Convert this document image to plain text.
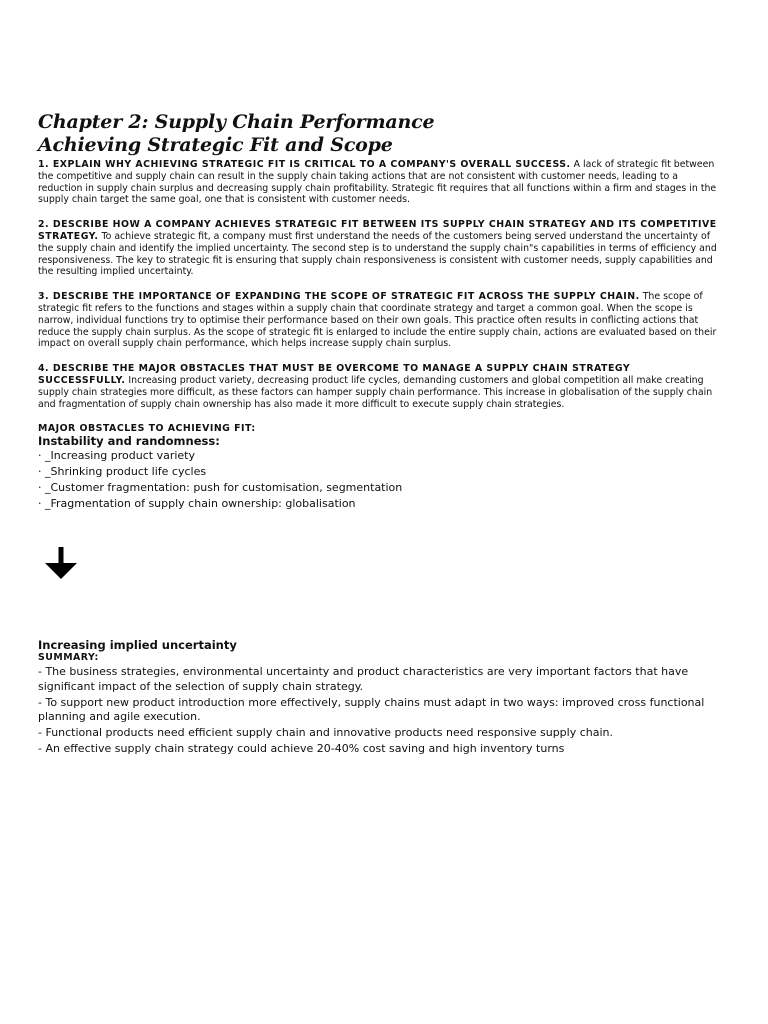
Chapter 2: Supply Chain Performance
Achieving Strategic Fit and Scope

1. EXPLAIN WHY ACHIEVING STRATEGIC FIT IS CRITICAL TO A COMPANY'S OVERALL SUCCESS. A lack of strategic fit between the competitive and supply chain can result in the supply chain taking actions that are not consistent with customer needs, leading to a reduction in supply chain surplus and decreasing supply chain profitability. Strategic fit requires that all functions within a firm and stages in the supply chain target the same goal, one that is consistent with customer needs.

2. DESCRIBE HOW A COMPANY ACHIEVES STRATEGIC FIT BETWEEN ITS SUPPLY CHAIN STRATEGY AND ITS COMPETITIVE STRATEGY. To achieve strategic fit, a company must first understand the needs of the customers being served understand the uncertainty of the supply chain and identify the implied uncertainty. The second step is to understand the supply chain"s capabilities in terms of efficiency and responsiveness. The key to strategic fit is ensuring that supply chain responsiveness is consistent with customer needs, supply capabilities and the resulting implied uncertainty.

3. DESCRIBE THE IMPORTANCE OF EXPANDING THE SCOPE OF STRATEGIC FIT ACROSS THE SUPPLY CHAIN. The scope of strategic fit refers to the functions and stages within a supply chain that coordinate strategy and target a common goal. When the scope is narrow, individual functions try to optimise their performance based on their own goals. This practice often results in conflicting actions that reduce the supply chain surplus. As the scope of strategic fit is enlarged to include the entire supply chain, actions are evaluated based on their impact on overall supply chain performance, which helps increase supply chain surplus.

4. DESCRIBE THE MAJOR OBSTACLES THAT MUST BE OVERCOME TO MANAGE A SUPPLY CHAIN STRATEGY SUCCESSFULLY. Increasing product variety, decreasing product life cycles, demanding customers and global competition all make creating supply chain strategies more difficult, as these factors can hamper supply chain performance. This increase in globalisation of the supply chain and fragmentation of supply chain ownership has also made it more difficult to execute supply chain strategies.

MAJOR OBSTACLES TO ACHIEVING FIT:

Instability and randomness:

· _Increasing product variety
· _Shrinking product life cycles
· _Customer fragmentation: push for customisation, segmentation
· _Fragmentation of supply chain ownership: globalisation

Increasing implied uncertainty

SUMMARY:

- The business strategies, environmental uncertainty and product characteristics are very important factors that have significant impact of the selection of supply chain strategy.
- To support new product introduction more effectively, supply chains must adapt in two ways: improved cross functional planning and agile execution.
- Functional products need efficient supply chain and innovative products need responsive supply chain.
- An effective supply chain strategy could achieve 20-40% cost saving and high inventory turns
